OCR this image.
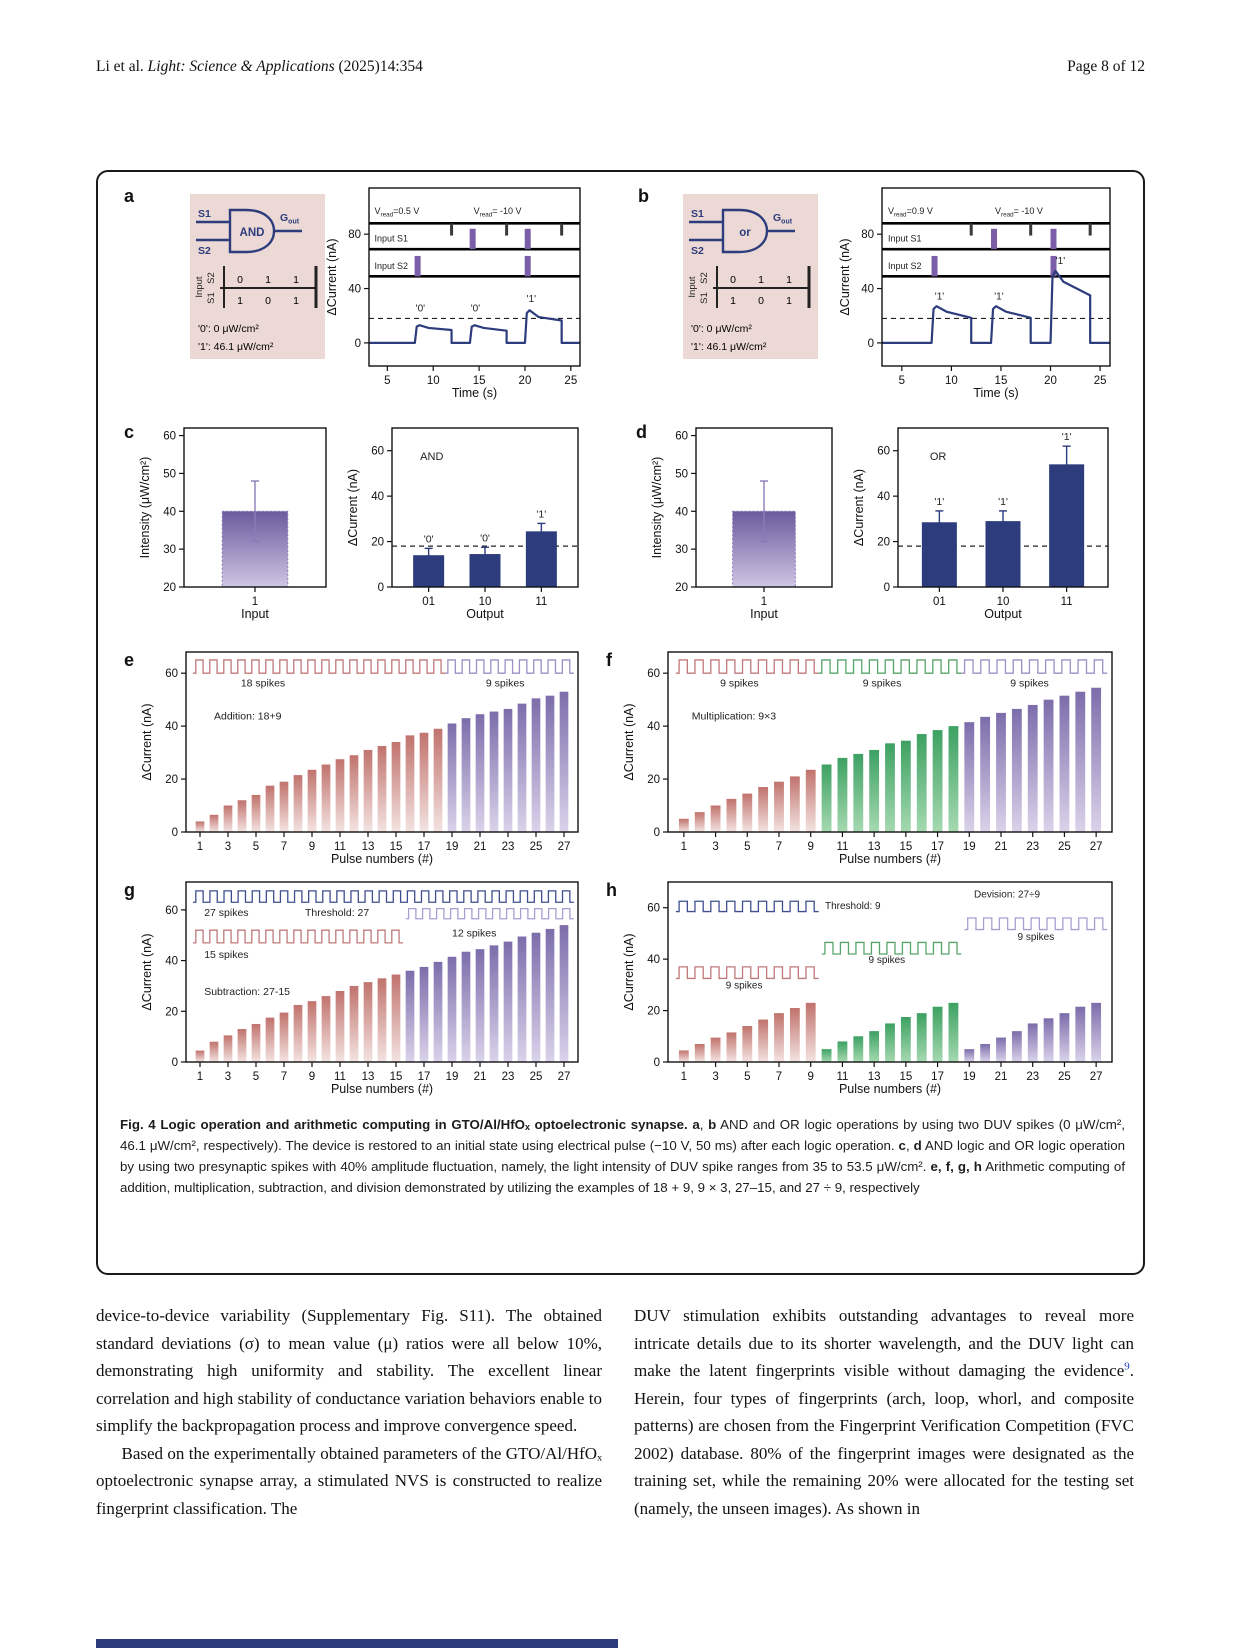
Li et al. Light: Science & Applications (2025)14:354	Page 8 of 12
a
S1
S2
AND
$G_{out}$
Input S2
S1
0 1 1
1 0 1
'0': 0 μW/cm²
'1': 46.1 μW/cm²
$V_{read}=0.5$ V	$V_{read}= -10$ V
Input S1
Input S2
'0'	'0'
'1'
0
40
80
5	10	15	20	25
ΔCurrent (nA)
Time (s)
b
S1
S2
or
$G_{out}$
Input S2
S1
0 1 1
1 0 1
'0': 0 μW/cm²
'1': 46.1 μW/cm²
$V_{read}=0.9$ V	$V_{read}= -10$ V
Input S1
Input S2
'1'	'1'
'1'
0
40
80
5	10	15	20	25
ΔCurrent (nA)
Time (s)
c
20
30
40
50
60
1
Intensity (μW/cm²)
Input
AND
'0'	'0'
'1'
0
20
40
60
01	10	11
ΔCurrent (nA)
Output
d
20
30
40
50
60
1
Intensity (μW/cm²)
Input
OR
'1'	'1'
'1'
0
20
40
60
01	10	11
ΔCurrent (nA)
Output
e
18 spikes	9 spikes
Addition: 18+9
0
20
40
60
1 3 5 7 9 11 13 15 17 19 21 23 25 27
ΔCurrent (nA)
Pulse numbers (#)
f
9 spikes	9 spikes	9 spikes
Multiplication: 9×3
0
20
40
60
1 3 5 7 9 11 13 15 17 19 21 23 25 27
ΔCurrent (nA)
Pulse numbers (#)
g
27 spikes	Threshold: 27
15 spikes
12 spikes
Subtraction: 27-15
0
20
40
60
1 3 5 7 9 11 13 15 17 19 21 23 25 27
ΔCurrent (nA)
Pulse numbers (#)
h
Threshold: 9
Devision: 27÷9
9 spikes
9 spikes
9 spikes
0
20
40
60
1 3 5 7 9 11 13 15 17 19 21 23 25 27
ΔCurrent (nA)
Pulse numbers (#)
Fig. 4 Logic operation and arithmetic computing in GTO/Al/HfOₓ optoelectronic synapse. a, b AND and OR logic operations by using two DUV spikes (0 μW/cm², 46.1 μW/cm², respectively). The device is restored to an initial state using electrical pulse (−10 V, 50 ms) after each logic operation. c, d AND logic and OR logic operation by using two presynaptic spikes with 40% amplitude fluctuation, namely, the light intensity of DUV spike ranges from 35 to 53.5 μW/cm². e, f, g, h Arithmetic computing of addition, multiplication, subtraction, and division demonstrated by utilizing the examples of 18 + 9, 9 × 3, 27–15, and 27 ÷ 9, respectively

device-to-device variability (Supplementary Fig. S11). The obtained standard deviations (σ) to mean value (μ) ratios were all below 10%, demonstrating high uniformity and stability. The excellent linear correlation and high stability of conductance variation behaviors enable to simplify the backpropagation process and improve convergence speed.

Based on the experimentally obtained parameters of the GTO/Al/HfOₓ optoelectronic synapse array, a stimulated NVS is constructed to realize fingerprint classification. The

DUV stimulation exhibits outstanding advantages to reveal more intricate details due to its shorter wavelength, and the DUV light can make the latent fingerprints visible without damaging the evidence$^9$. Herein, four types of fingerprints (arch, loop, whorl, and composite patterns) are chosen from the Fingerprint Verification Competition (FVC 2002) database. 80% of the fingerprint images were designated as the training set, while the remaining 20% were allocated for the testing set (namely, the unseen images). As shown in
